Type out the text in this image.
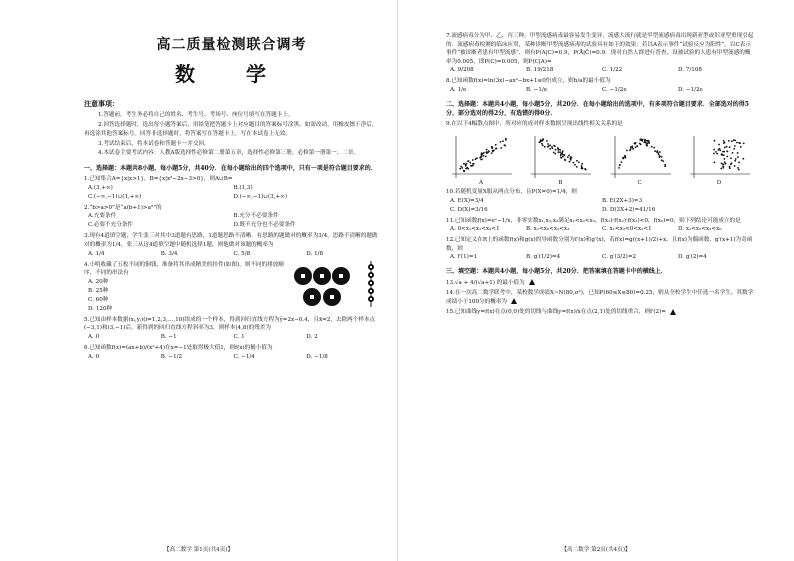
高二质量检测联合调考
数 学
注意事项：
1.答题前，考生务必将自己的姓名、考生号、考场号、座位号填写在答题卡上。
2.回答选择题时，选出每小题答案后，用铅笔把答题卡上对应题目的答案标号涂黑。如需改动，用橡皮擦干净后，再选涂其他答案标号。回答非选择题时，将答案写在答题卡上。写在本试卷上无效。
3.考试结束后，将本试卷和答题卡一并交回。
4.本试卷主要考试内容：人教A版选择性必修第二册第五章，选择性必修第三册，必修第一册第一、二章。
一、选择题：本题共8小题，每小题5分，共40分．在每小题给出的四个选项中，只有一项是符合题目要求的．
1.已知集合A={x|x>1}，B={x|x²−2x−3>0}，则A∪B=
A.(3,+∞)	B.(1,3)
C.(−∞,−1)∪(1,+∞)	D.(−∞,−1)∪(3,+∞)
2.“b>a>0”是“a(b+1)>a²”的
A.充要条件	B.充分不必要条件
C.必要不充分条件	D.既不充分也不必要条件
3.现有4道填空题，学生张三对其中3道题有思路，1道题思路不清晰．有思路的题做对的概率为3/4，思路不清晰的题做对的概率为1/4，张三从这4道填空题中随机选择1题，则他做对该题的概率为
A. 1/4	B. 3/4	C. 5/8	D. 1/8
4.小明收藏了五枚不同的铜钱，准备将其串成精美的挂件(如图)，则不同的排放顺序，不同的串法有
A. 20种
B. 25种
C. 60种
D. 120种
5.已知由样本数据(xᵢ,yᵢ)(i=1,2,3,…,10)组成的一个样本，得到回归直线方程为ŷ=2x−0.4，且x̄=2，去除两个样本点(−3,1)和(3,−1)后，新得到的回归直线方程斜率为3，则样本(4,8)的残差为
A. 0	B. −1	C. 1	D. 2
6.已知函数f(x)=(ax+b)/(x²+4)在x=−1处取得极大值1，则f(x)的极小值为
A. 0	B. −1/2	C. −1/4	D. −1/8
【高二数学 第1页(共4页)】
7.流感病毒分为甲、乙、丙三种，甲型流感病毒最容易发生变异，流感大流行就是甲型流感病毒出现新亚型或旧亚型重现引起的．流感病毒检测的临床应用，某种诊断甲型流感病毒的试验具有如下的效果：若以A表示事件“试验反应为阳性”，以C表示事件“被诊断者患有甲型流感”，则有P(A|C)=0.9，P(Ā|C̄)=0.9．现对自然人群进行普查，设被试验的人患有甲型流感的概率为0.005，即P(C)=0.005，则P(C|A)=
A. 9/208	B. 19/218	C. 1/22	D. 7/108
8.已知函数f(x)=ln(3x)−ax²−bx+1≤0恒成立，则b/a的最小值为
A. 1/e	B. −1/e	C. −1/2e	D. −1/2e
二、选择题：本题共4小题，每小题5分，共20分．在每小题给出的选项中，有多项符合题目要求．全部选对的得5分，部分选对的得2分，有选错的得0分．
9.在以下4幅散点图中，所对应的成对样本数据呈现出线性相关关系的是
A	B	C	D
10.若随机变量X服从两点分布，且P(X=0)=1/4，则
A. E(X)=3/4	B. E(2X+3)=3
C. D(X)=3/16	D. D(3X+2)=41/16
11.已知函数f(x)=eˣ−1/x，非零实数x₁,x₂,x₃满足x₁<x₂<x₃，f(x₁)·f(x₂)·f(x₃)<0，f(x₀)=0，则下列结论可能成立的是
A. 0<x₁<x₂<x₃<1	B. x₁<x₀<x₂<x₃	C. x₁<x₂<0<x₃<1	D. x₁<x₂<x₃<x₀
12.已知定义在R上的函数f(x)和g(x)的导函数分别为f′(x)和g′(x)，若f(x)=g((x+1)/2)+x，且f(x)为偶函数，g′(x+1)为奇函数，则
A. f′(1)=1	B. g′(1/2)=4	C. g′(3/2)=2	D. g′(2)=4
三、填空题：本题共4小题，每小题5分，共20分．把答案填在答题卡中的横线上．
13.√a + 4/(√a+1) 的最小值为
14.在一次高二数学联考中，某校数学成绩X~N(80,σ²)，已知P(60≤X≤80)=0.25，则从全校学生中任选一名学生，其数学成绩小于100分的概率为
15.已知曲线y=f(x)在点(0,0)处的切线与曲线y=f(x)/x在点(2,1)处的切线重合，则f′(2)=
【高二数学 第2页(共4页)】
